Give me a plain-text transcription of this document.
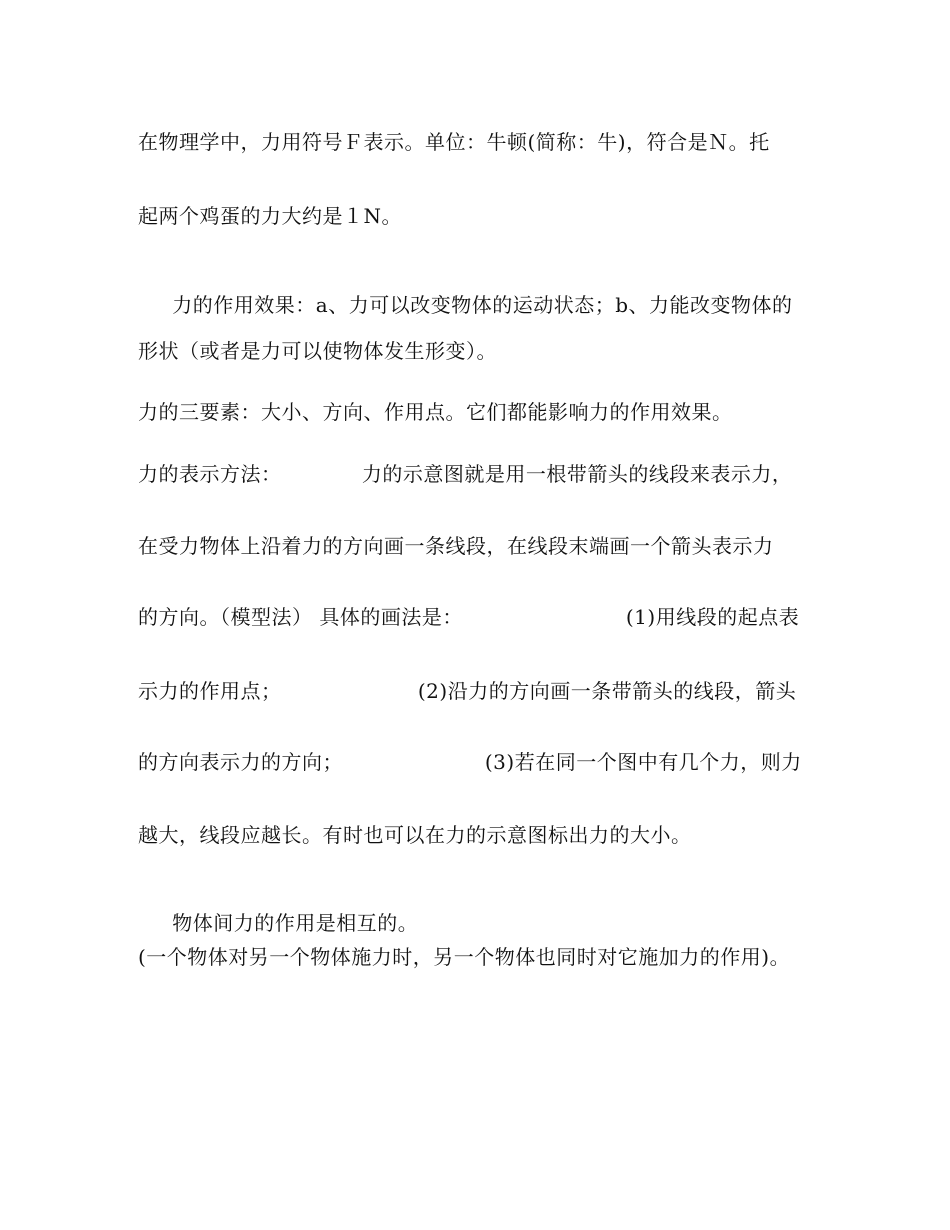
在物理学中，力用符号Ｆ表示。单位：牛顿(简称：牛)，符合是Ｎ。托
起两个鸡蛋的力大约是１N。

力的作用效果：a、力可以改变物体的运动状态；b、力能改变物体的

形状（或者是力可以使物体发生形变）。
力的三要素：大小、方向、作用点。它们都能影响力的作用效果。
力的表示方法：	力的示意图就是用一根带箭头的线段来表示力，
在受力物体上沿着力的方向画一条线段，在线段末端画一个箭头表示力
的方向。（模型法） 具体的画法是：	(1)用线段的起点表
示力的作用点；	(2)沿力的方向画一条带箭头的线段，箭头
的方向表示力的方向；	(3)若在同一个图中有几个力，则力
越大，线段应越长。有时也可以在力的示意图标出力的大小。

物体间力的作用是相互的。

(一个物体对另一个物体施力时，另一个物体也同时对它施加力的作用)。
